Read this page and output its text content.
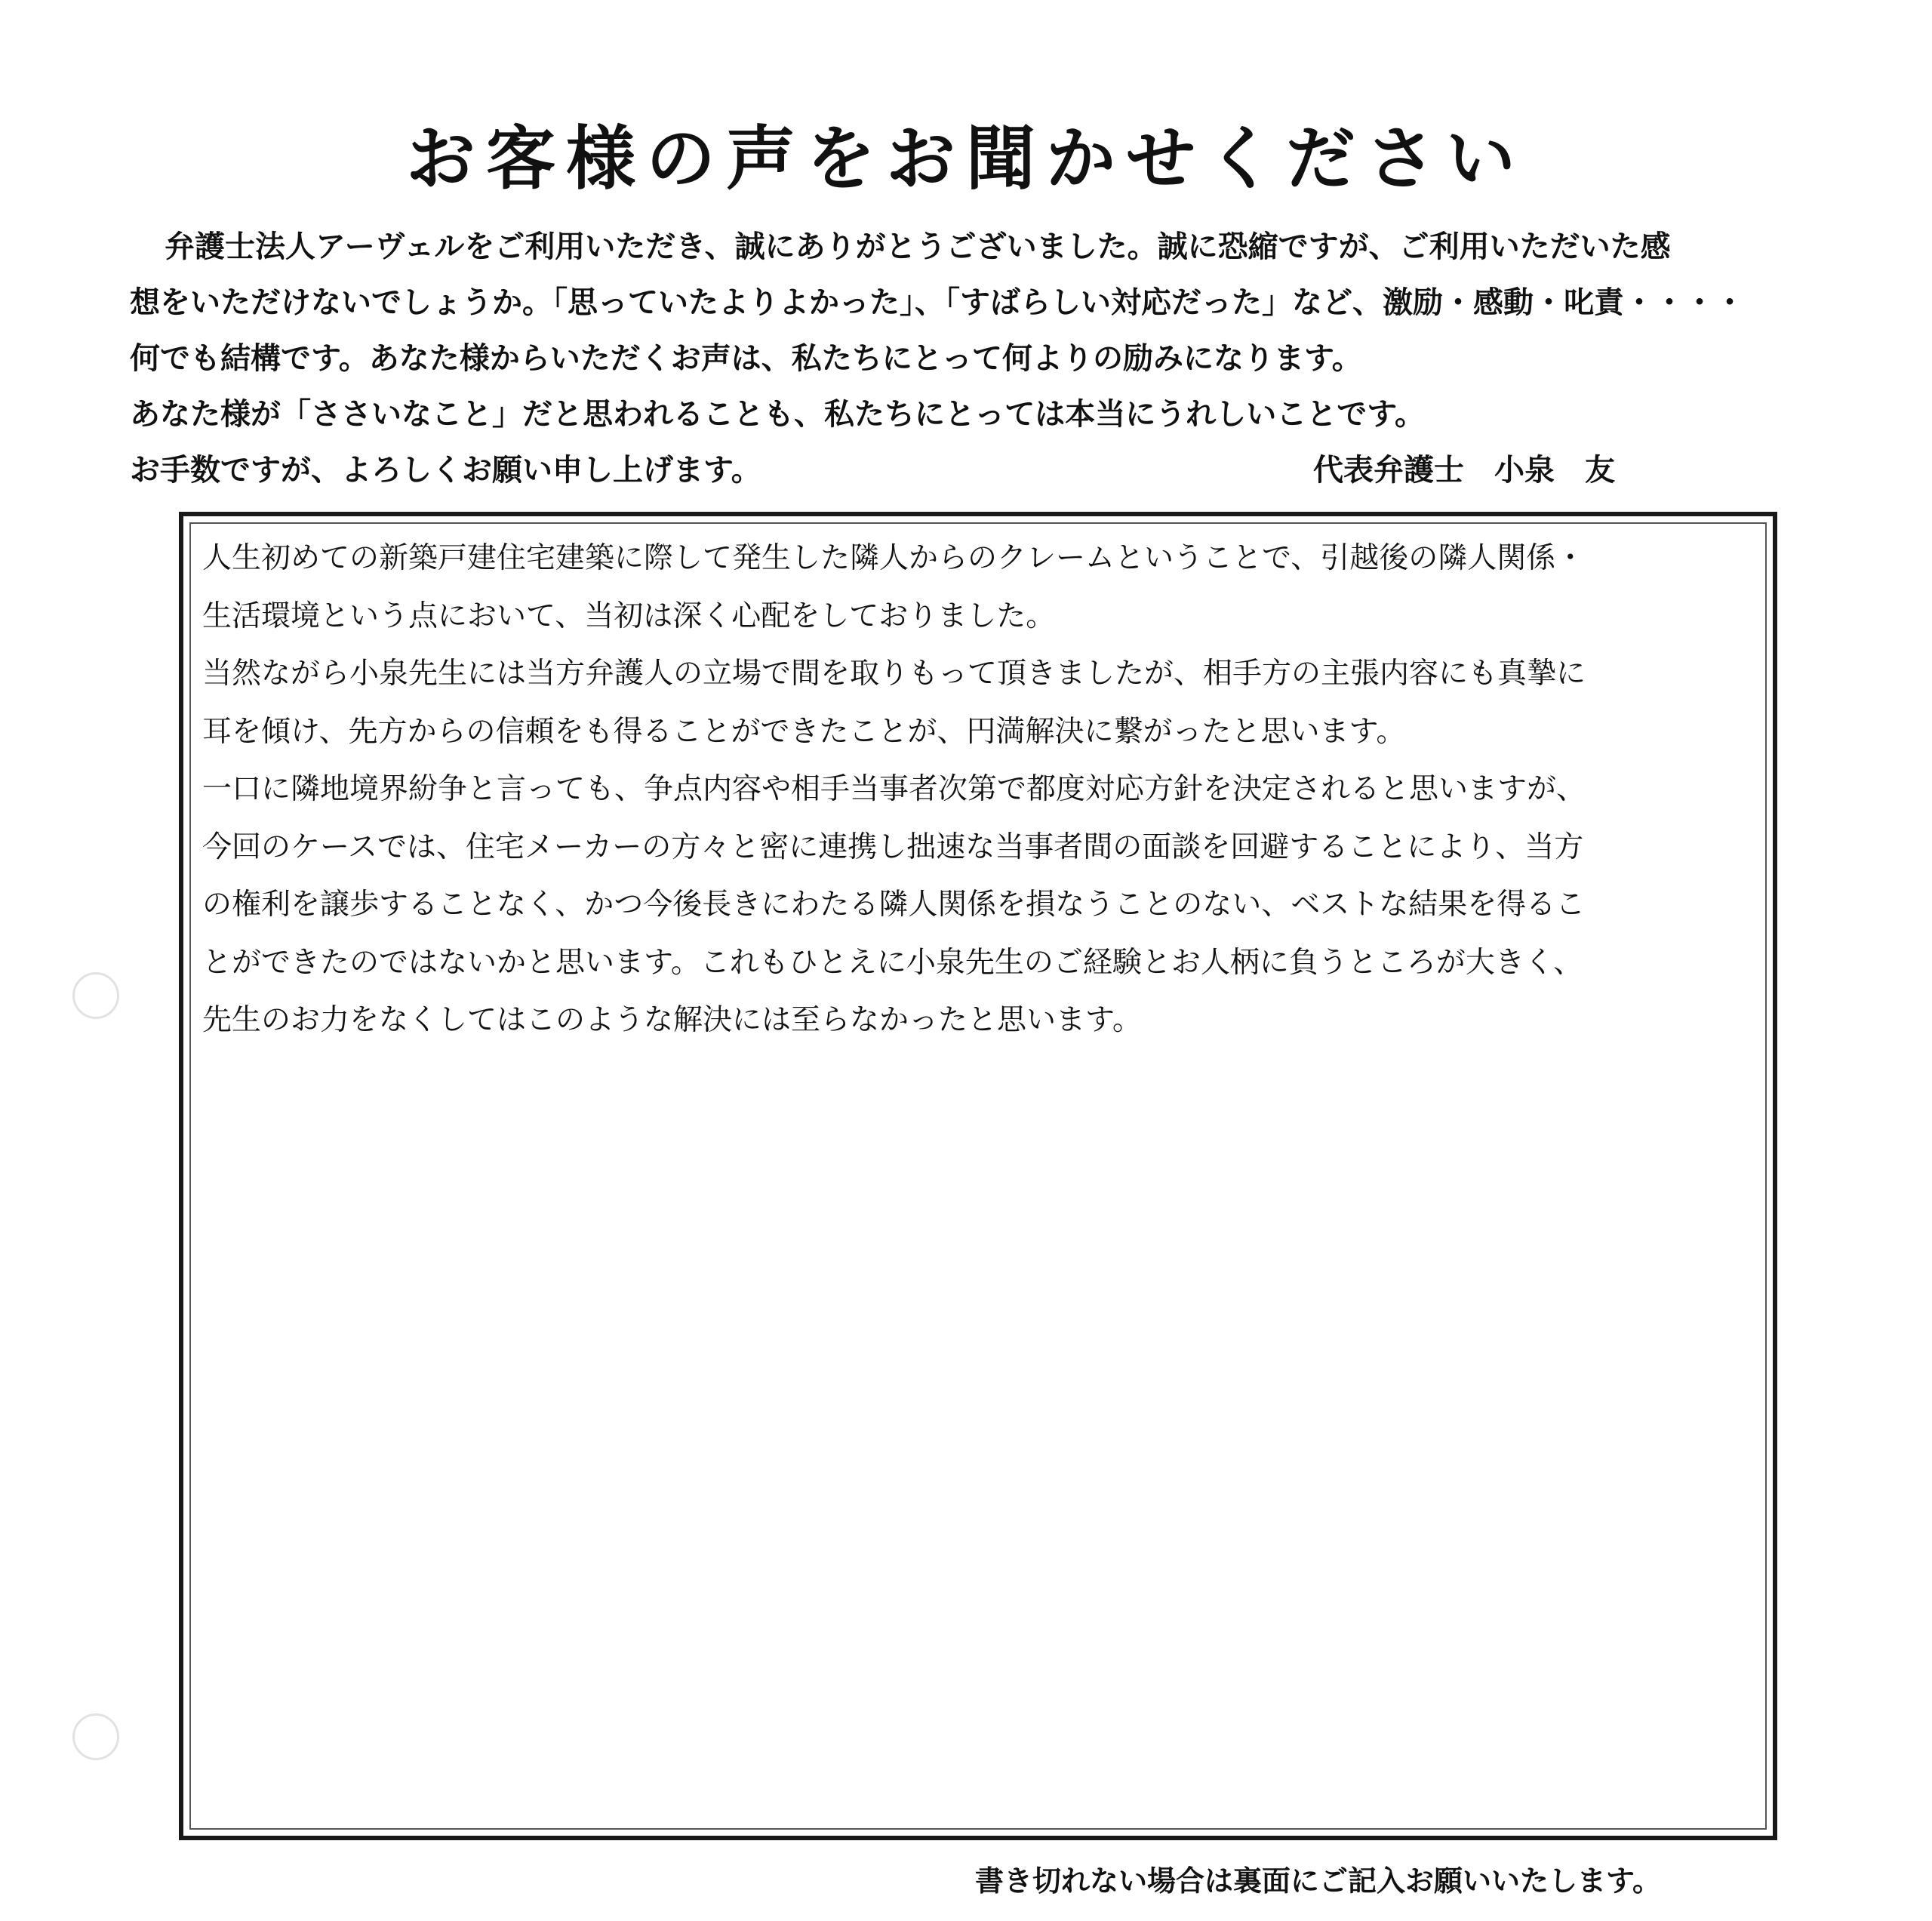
お客様の声をお聞かせください
弁護士法人アーヴェルをご利用いただき、誠にありがとうございました。誠に恐縮ですが、ご利用いただいた感
想をいただけないでしょうか。「思っていたよりよかった」、「すばらしい対応だった」など、激励・感動・叱責・・・・
何でも結構です。あなた様からいただくお声は、私たちにとって何よりの励みになります。
あなた様が「ささいなこと」だと思われることも、私たちにとっては本当にうれしいことです。
お手数ですが、よろしくお願い申し上げます。	代表弁護士　小泉　友
人生初めての新築戸建住宅建築に際して発生した隣人からのクレームということで、引越後の隣人関係・
生活環境という点において、当初は深く心配をしておりました。
当然ながら小泉先生には当方弁護人の立場で間を取りもって頂きましたが、相手方の主張内容にも真摯に
耳を傾け、先方からの信頼をも得ることができたことが、円満解決に繋がったと思います。
一口に隣地境界紛争と言っても、争点内容や相手当事者次第で都度対応方針を決定されると思いますが、
今回のケースでは、住宅メーカーの方々と密に連携し拙速な当事者間の面談を回避することにより、当方
の権利を譲歩することなく、かつ今後長きにわたる隣人関係を損なうことのない、ベストな結果を得るこ
とができたのではないかと思います。これもひとえに小泉先生のご経験とお人柄に負うところが大きく、
先生のお力をなくしてはこのような解決には至らなかったと思います。
書き切れない場合は裏面にご記入お願いいたします。
